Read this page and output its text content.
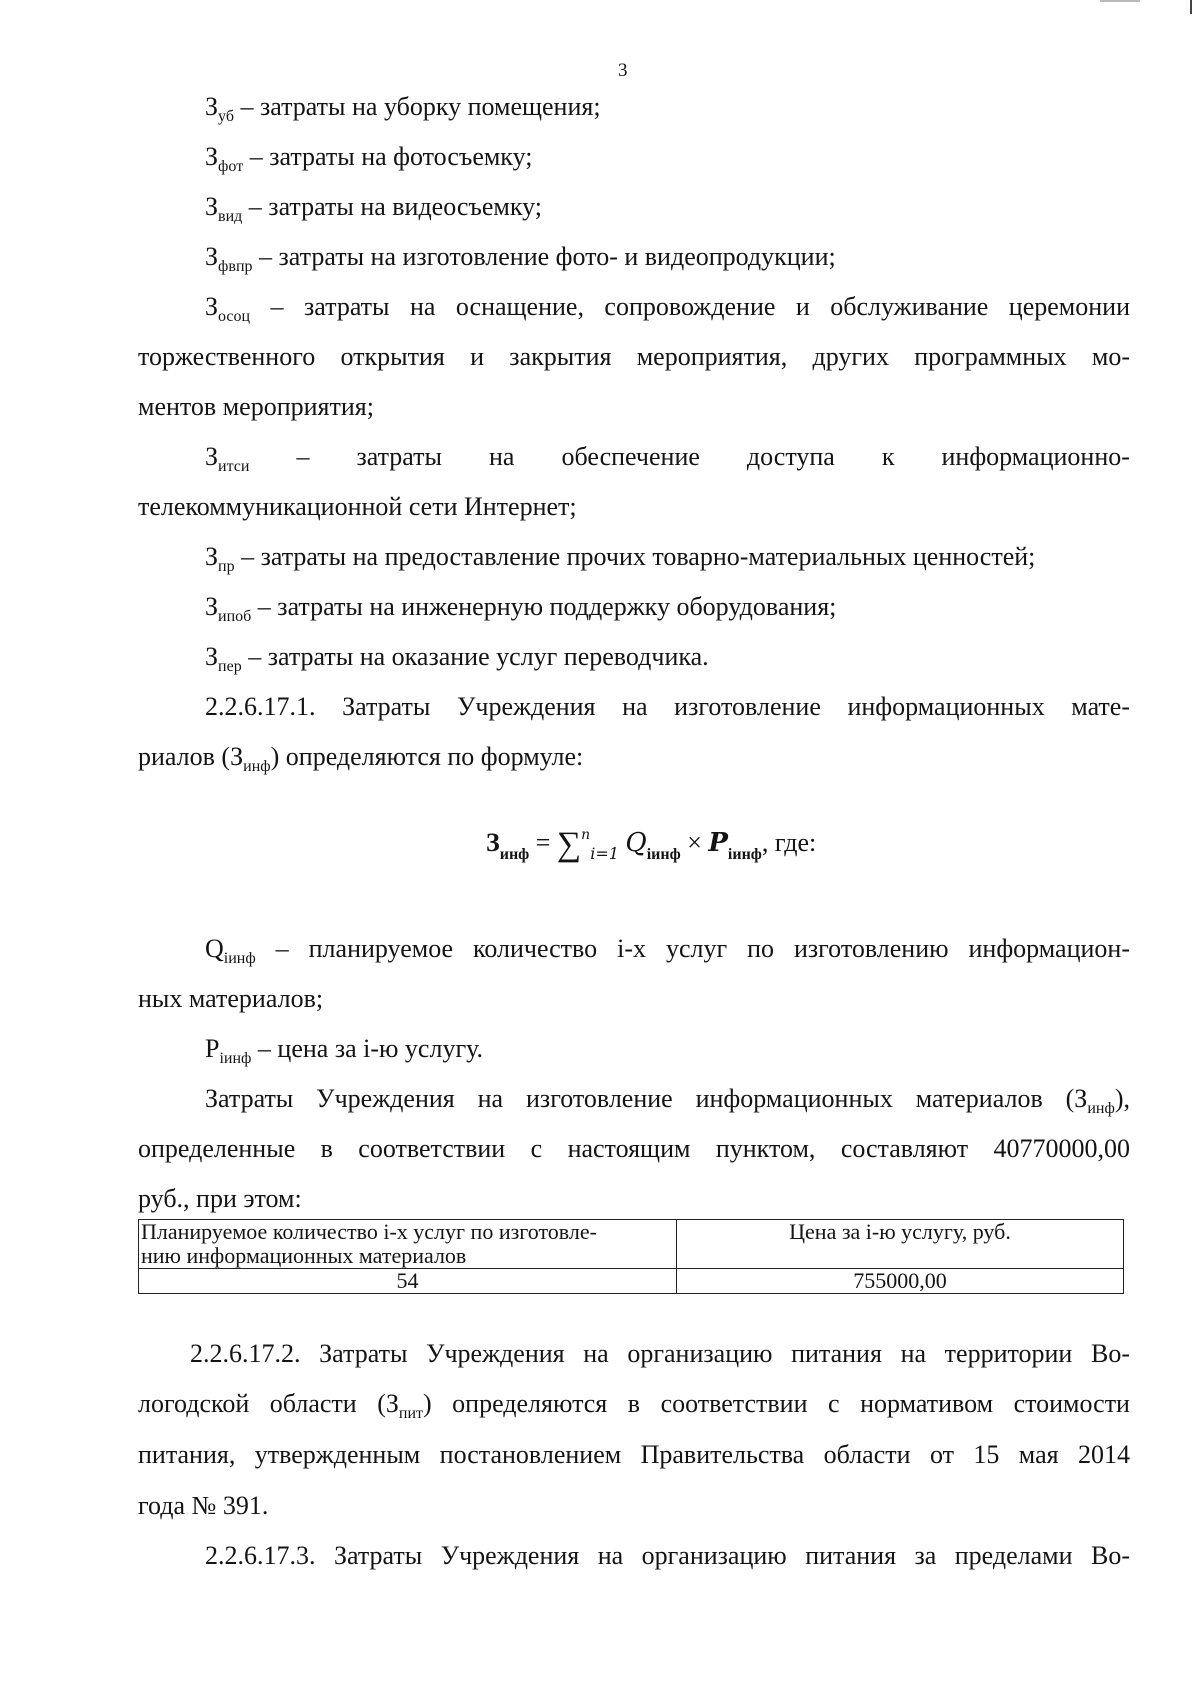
3
$З_{уб}$ – затраты на уборку помещения;
$З_{фот}$ – затраты на фотосъемку;
$З_{вид}$ – затраты на видеосъемку;
$З_{фвпр}$ – затраты на изготовление фото- и видеопродукции;
$З_{осоц}$ – затраты на оснащение, сопровождение и обслуживание церемонии
торжественного открытия и закрытия мероприятия, других программных мо-
ментов мероприятия;
$З_{итси}$ – затраты на обеспечение доступа к информационно-
телекоммуникационной сети Интернет;
$З_{пр}$ – затраты на предоставление прочих товарно-материальных ценностей;
$З_{ипоб}$ – затраты на инженерную поддержку оборудования;
$З_{пер}$ – затраты на оказание услуг переводчика.
2.2.6.17.1. Затраты Учреждения на изготовление информационных мате-
риалов $(З_{инф})$ определяются по формуле:
$З_{инф} = \sum^n_{i=1}$ $Q_{iинф} \times P_{iинф}$, где:
$Q_{iинф}$ – планируемое количество i-х услуг по изготовлению информацион-
ных материалов;
$P_{iинф}$ – цена за i-ю услугу.
Затраты Учреждения на изготовление информационных материалов $(З_{инф})$,
определенные в соответствии с настоящим пунктом, составляют 40770000,00
руб., при этом:
Планируемое количество i-х услуг по изготовле-
нию информационных материалов	Цена за i-ю услугу, руб.
54	755000,00
2.2.6.17.2. Затраты Учреждения на организацию питания на территории Во-
логодской области $(З_{пит})$ определяются в соответствии с нормативом стоимости
питания, утвержденным постановлением Правительства области от 15 мая 2014
года № 391.
2.2.6.17.3. Затраты Учреждения на организацию питания за пределами Во-
